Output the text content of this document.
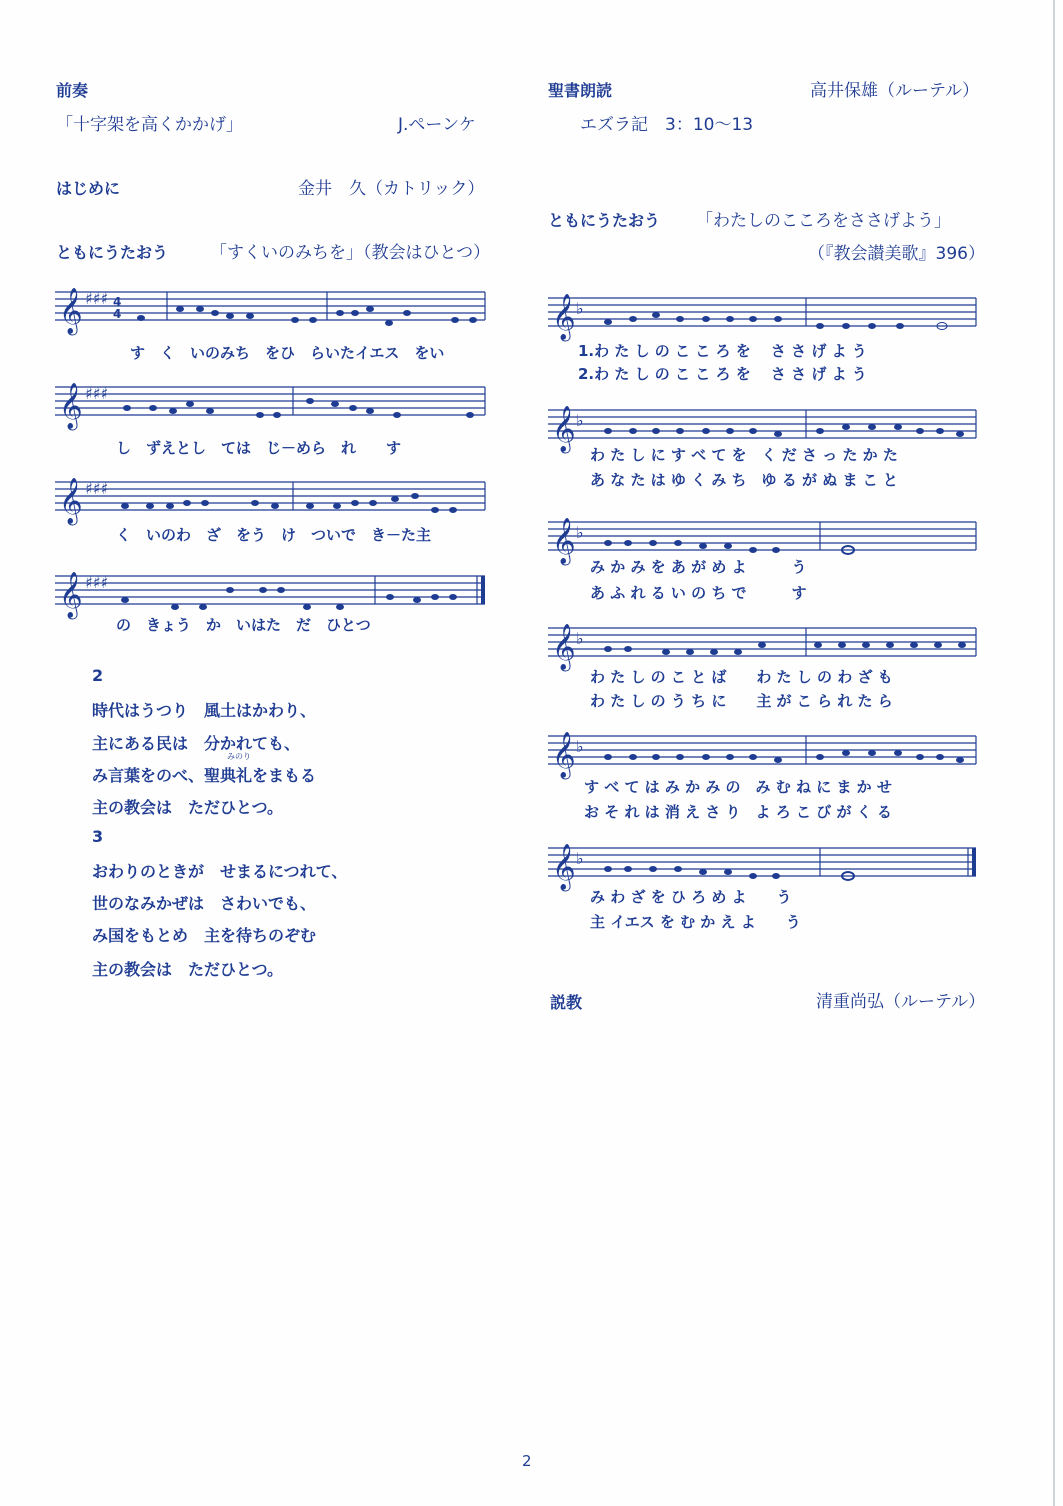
前奏
「十字架を高くかかげ」	J.ペーンケ
はじめに	金井　久（カトリック）
ともにうたおう 「すくいのみちを」（教会はひとつ）
𝄞 ♯♯♯ 4
4
す　く　いのみち　をひ　らいたイエス　をい
𝄞 ♯♯♯
し　ずえとし　ては　じ－めら　れ　　す
𝄞 ♯♯♯
く　いのわ　ざ　をう　け　ついで　き－た主
𝄞 ♯♯♯
の　きょう　か　いはた　だ　ひとつ
2
時代はうつり　風土はかわり、
主にある民は　分かれても、
みのり
み言葉をのべ、聖典礼をまもる
主の教会は　ただひとつ。
3
おわりのときが　せまるにつれて、
世のなみかぜは　さわいでも、
み国をもとめ　主を待ちのぞむ
主の教会は　ただひとつ。
聖書朗読	高井保雄（ルーテル）
エズラ記　3：10～13
ともにうたおう 「わたしのこころをささげよう」
（『教会讃美歌』396）
𝄞 ♭
1.わ た し の こ こ ろ を　 さ さ げ よ う
2.わ た し の こ こ ろ を　 さ さ げ よ う
𝄞 ♭
わ た し に す べ て を　く だ さ っ た か た
あ な た は ゆ く み ち　ゆ る が ぬ ま こ と
𝄞 ♭
み か み を あ が め よ　　　う
あ ふ れ る い の ち で　　　す
𝄞 ♭
わ た し の こ と ば　　わ た し の わ ざ も
わ た し の う ち に　　主 が こ ら れ た ら
𝄞 ♭
す べ て は み か み の　み む ね に ま か せ
お そ れ は 消 え さ り　よ ろ こ び が く る
𝄞 ♭
み わ ざ を ひ ろ め よ　　う
主 イエス を む か え よ　　う
説教	清重尚弘（ルーテル）
2
